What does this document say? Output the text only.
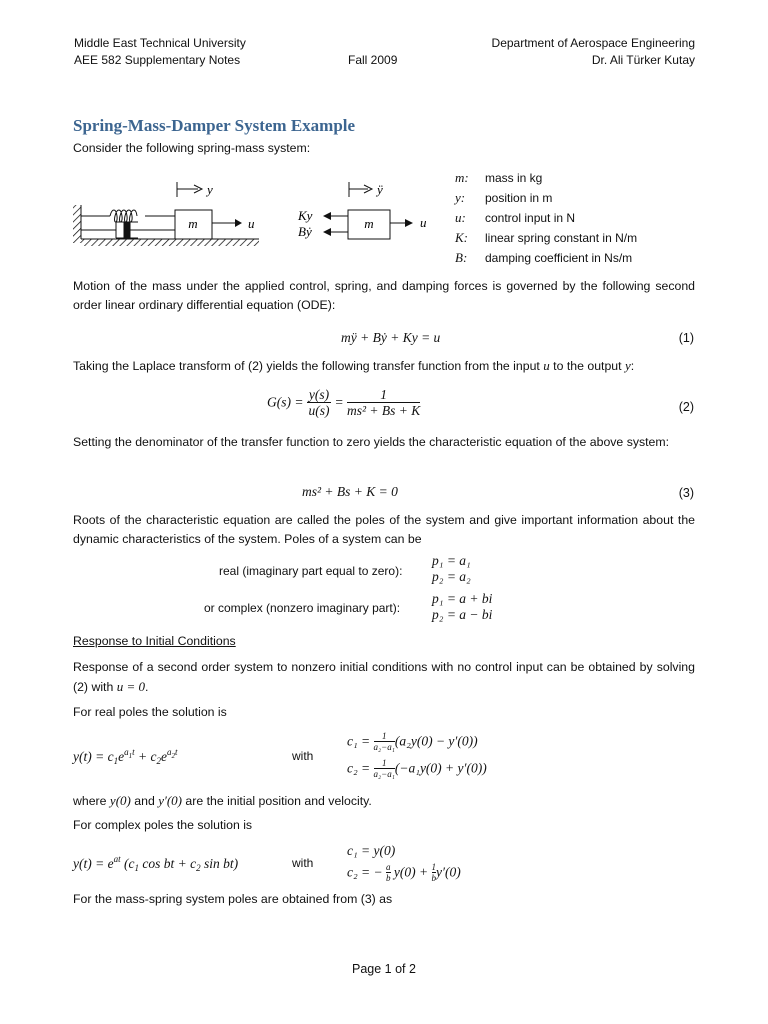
Middle East Technical University
AEE 582 Supplementary Notes	Fall 2009
Department of Aerospace Engineering
Dr. Ali Türker Kutay
Spring-Mass-Damper System Example
Consider the following spring-mass system:
m	u
y
m
Ky
Bẏ
u
ÿ
m: mass in kg
y: position in m
u: control input in N
K: linear spring constant in N/m
B: damping coefficient in Ns/m
Motion of the mass under the applied control, spring, and damping forces is governed by the following second order linear ordinary differential equation (ODE):
mÿ + Bẏ + Ky = u	(1)
Taking the Laplace transform of (2) yields the following transfer function from the input u to the output y:
$G(s) = \frac{y(s)}{u(s)} = \frac{1}{\text{ms² + Bs + K}}$	(2)
Setting the denominator of the transfer function to zero yields the characteristic equation of the above system:
ms² + Bs + K = 0	(3)
Roots of the characteristic equation are called the poles of the system and give important information about the dynamic characteristics of the system. Poles of a system can be
real (imaginary part equal to zero):
p₁ = a₁
p₂ = a₂
or complex (nonzero imaginary part):
p₁ = a + bi
p₂ = a − bi
Response to Initial Conditions
Response of a second order system to nonzero initial conditions with no control input can be obtained by solving (2) with u = 0.
For real poles the solution is
$y(t) = c_1e^{a_1t} + c_2e^{a_2t}$	with
$c_1 = \frac{1}{\text{a₂−a₁}} (a_2y(0) - y'(0))$
$c_2 = \frac{1}{\text{a₂−a₁}} (-a_1y(0) + y'(0))$
where y(0) and y′(0) are the initial position and velocity.
For complex poles the solution is
$y(t) = e^{at}$ ($c_1$ cos bt + $c_2$ sin bt)	with
c₁ = y(0)
c₂ = − $\frac{a}{b} y(0) + \frac{1}{b} y'(0)$
For the mass-spring system poles are obtained from (3) as
Page 1 of 2
